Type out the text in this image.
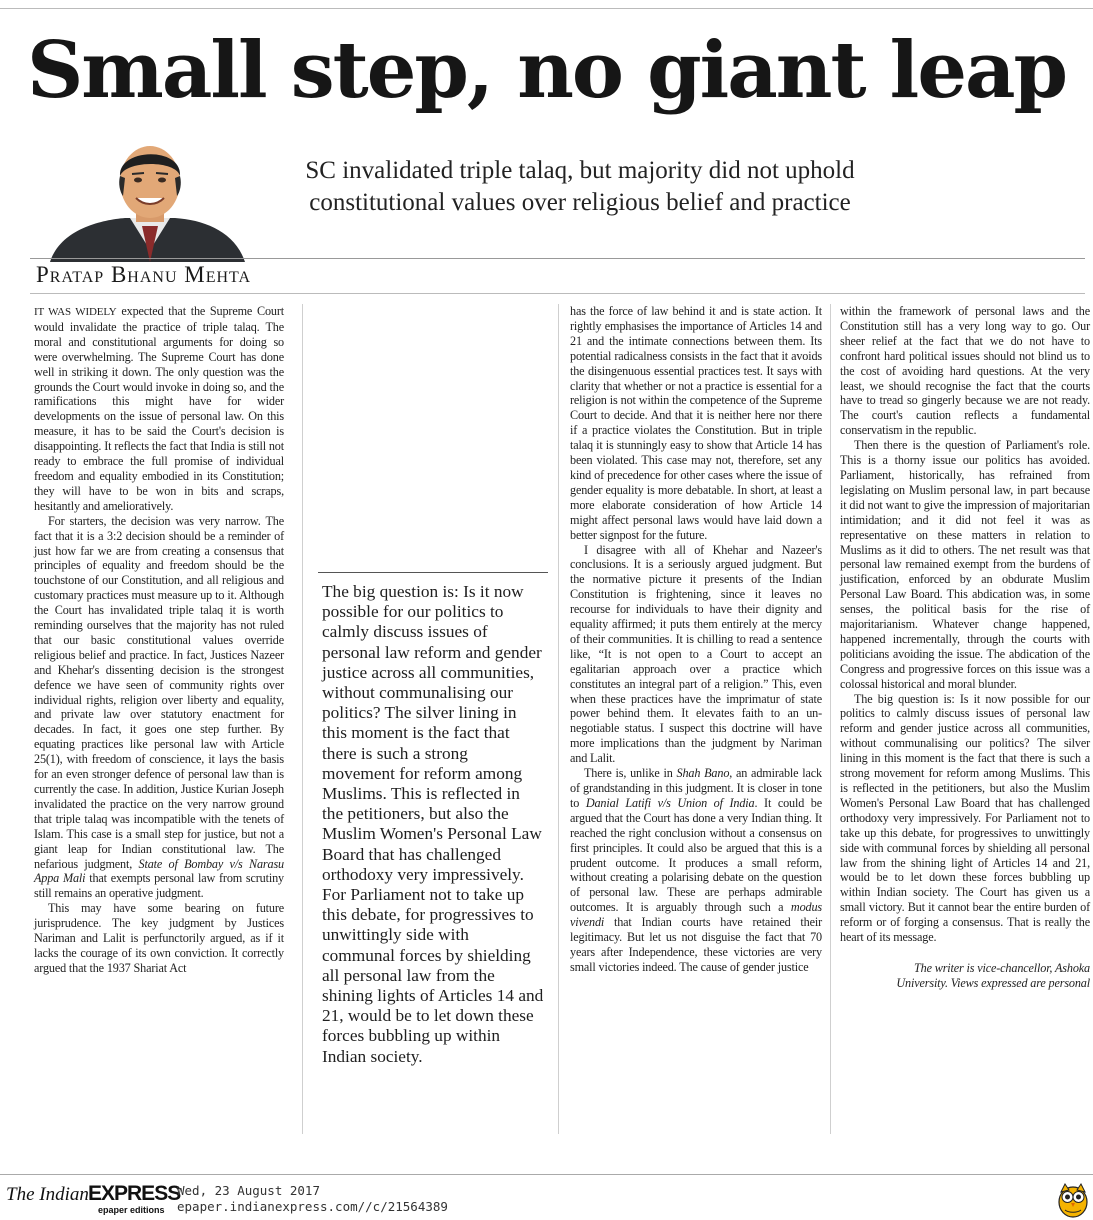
Small step, no giant leap
SC invalidated triple talaq, but majority did not uphold
constitutional values over religious belief and practice
Pratap Bhanu Mehta

IT WAS WIDELY expected that the Supreme Court would invalidate the practice of triple talaq. The moral and constitutional arguments for doing so were overwhelming. The Supreme Court has done well in striking it down. The only question was the grounds the Court would invoke in doing so, and the ramifications this might have for wider developments on the issue of personal law. On this measure, it has to be said the Court's decision is disappointing. It reflects the fact that India is still not ready to embrace the full promise of individual freedom and equality embodied in its Constitution; they will have to be won in bits and scraps, hesitantly and amelioratively.

For starters, the decision was very narrow. The fact that it is a 3:2 decision should be a reminder of just how far we are from creating a consensus that principles of equality and freedom should be the touchstone of our Constitution, and all religious and customary practices must measure up to it. Although the Court has invalidated triple talaq it is worth reminding ourselves that the majority has not ruled that our basic constitutional values override religious belief and practice. In fact, Justices Nazeer and Khehar's dissenting decision is the strongest defence we have seen of community rights over individual rights, religion over liberty and equality, and private law over statutory enactment for decades. In fact, it goes one step further. By equating practices like personal law with Article 25(1), with freedom of conscience, it lays the basis for an even stronger defence of personal law than is currently the case. In addition, Justice Kurian Joseph invalidated the practice on the very narrow ground that triple talaq was incompatible with the tenets of Islam. This case is a small step for justice, but not a giant leap for Indian constitutional law. The nefarious judgment, State of Bombay v/s Narasu Appa Mali that exempts personal law from scrutiny still remains an operative judgment.

This may have some bearing on future jurisprudence. The key judgment by Justices Nariman and Lalit is perfunctorily argued, as if it lacks the courage of its own conviction. It correctly argued that the 1937 Shariat Act

The big question is: Is it now possible for our politics to calmly discuss issues of personal law reform and gender justice across all communities, without communalising our politics? The silver lining in this moment is the fact that there is such a strong movement for reform among Muslims. This is reflected in the petitioners, but also the Muslim Women's Personal Law Board that has challenged orthodoxy very impressively. For Parliament not to take up this debate, for progressives to unwittingly side with communal forces by shielding all personal law from the shining lights of Articles 14 and 21, would be to let down these forces bubbling up within Indian society.

has the force of law behind it and is state action. It rightly emphasises the importance of Articles 14 and 21 and the intimate connections between them. Its potential radicalness consists in the fact that it avoids the disingenuous essential practices test. It says with clarity that whether or not a practice is essential for a religion is not within the competence of the Supreme Court to decide. And that it is neither here nor there if a practice violates the Constitution. But in triple talaq it is stunningly easy to show that Article 14 has been violated. This case may not, therefore, set any kind of precedence for other cases where the issue of gender equality is more debatable. In short, at least a more elaborate consideration of how Article 14 might affect personal laws would have laid down a better signpost for the future.

I disagree with all of Khehar and Nazeer's conclusions. It is a seriously argued judgment. But the normative picture it presents of the Indian Constitution is frightening, since it leaves no recourse for individuals to have their dignity and equality affirmed; it puts them entirely at the mercy of their communities. It is chilling to read a sentence like, “It is not open to a Court to accept an egalitarian approach over a practice which constitutes an integral part of a religion.” This, even when these practices have the imprimatur of state power behind them. It elevates faith to an un-negotiable status. I suspect this doctrine will have more implications than the judgment by Nariman and Lalit.

There is, unlike in Shah Bano, an admirable lack of grandstanding in this judgment. It is closer in tone to Danial Latifi v/s Union of India. It could be argued that the Court has done a very Indian thing. It reached the right conclusion without a consensus on first principles. It could also be argued that this is a prudent outcome. It produces a small reform, without creating a polarising debate on the question of personal law. These are perhaps admirable outcomes. It is arguably through such a modus vivendi that Indian courts have retained their legitimacy. But let us not disguise the fact that 70 years after Independence, these victories are very small victories indeed. The cause of gender justice

within the framework of personal laws and the Constitution still has a very long way to go. Our sheer relief at the fact that we do not have to confront hard political issues should not blind us to the cost of avoiding hard questions. At the very least, we should recognise the fact that the courts have to tread so gingerly because we are not ready. The court's caution reflects a fundamental conservatism in the republic.

Then there is the question of Parliament's role. This is a thorny issue our politics has avoided. Parliament, historically, has refrained from legislating on Muslim personal law, in part because it did not want to give the impression of majoritarian intimidation; and it did not feel it was as representative on these matters in relation to Muslims as it did to others. The net result was that personal law remained exempt from the burdens of justification, enforced by an obdurate Muslim Personal Law Board. This abdication was, in some senses, the political basis for the rise of majoritarianism. Whatever change happened, happened incrementally, through the courts with politicians avoiding the issue. The abdication of the Congress and progressive forces on this issue was a colossal historical and moral blunder.

The big question is: Is it now possible for our politics to calmly discuss issues of personal law reform and gender justice across all communities, without communalising our politics? The silver lining in this moment is the fact that there is such a strong movement for reform among Muslims. This is reflected in the petitioners, but also the Muslim Women's Personal Law Board that has challenged orthodoxy very impressively. For Parliament not to take up this debate, for progressives to unwittingly side with communal forces by shielding all personal law from the shining light of Articles 14 and 21, would be to let down these forces bubbling up within Indian society. The Court has given us a small victory. But it cannot bear the entire burden of reform or of forging a consensus. That is really the heart of its message.

The writer is vice-chancellor, Ashoka
University. Views expressed are personal
The Indian EXPRESS
epaper editions
Wed, 23 August 2017
epaper.indianexpress.com//c/21564389
